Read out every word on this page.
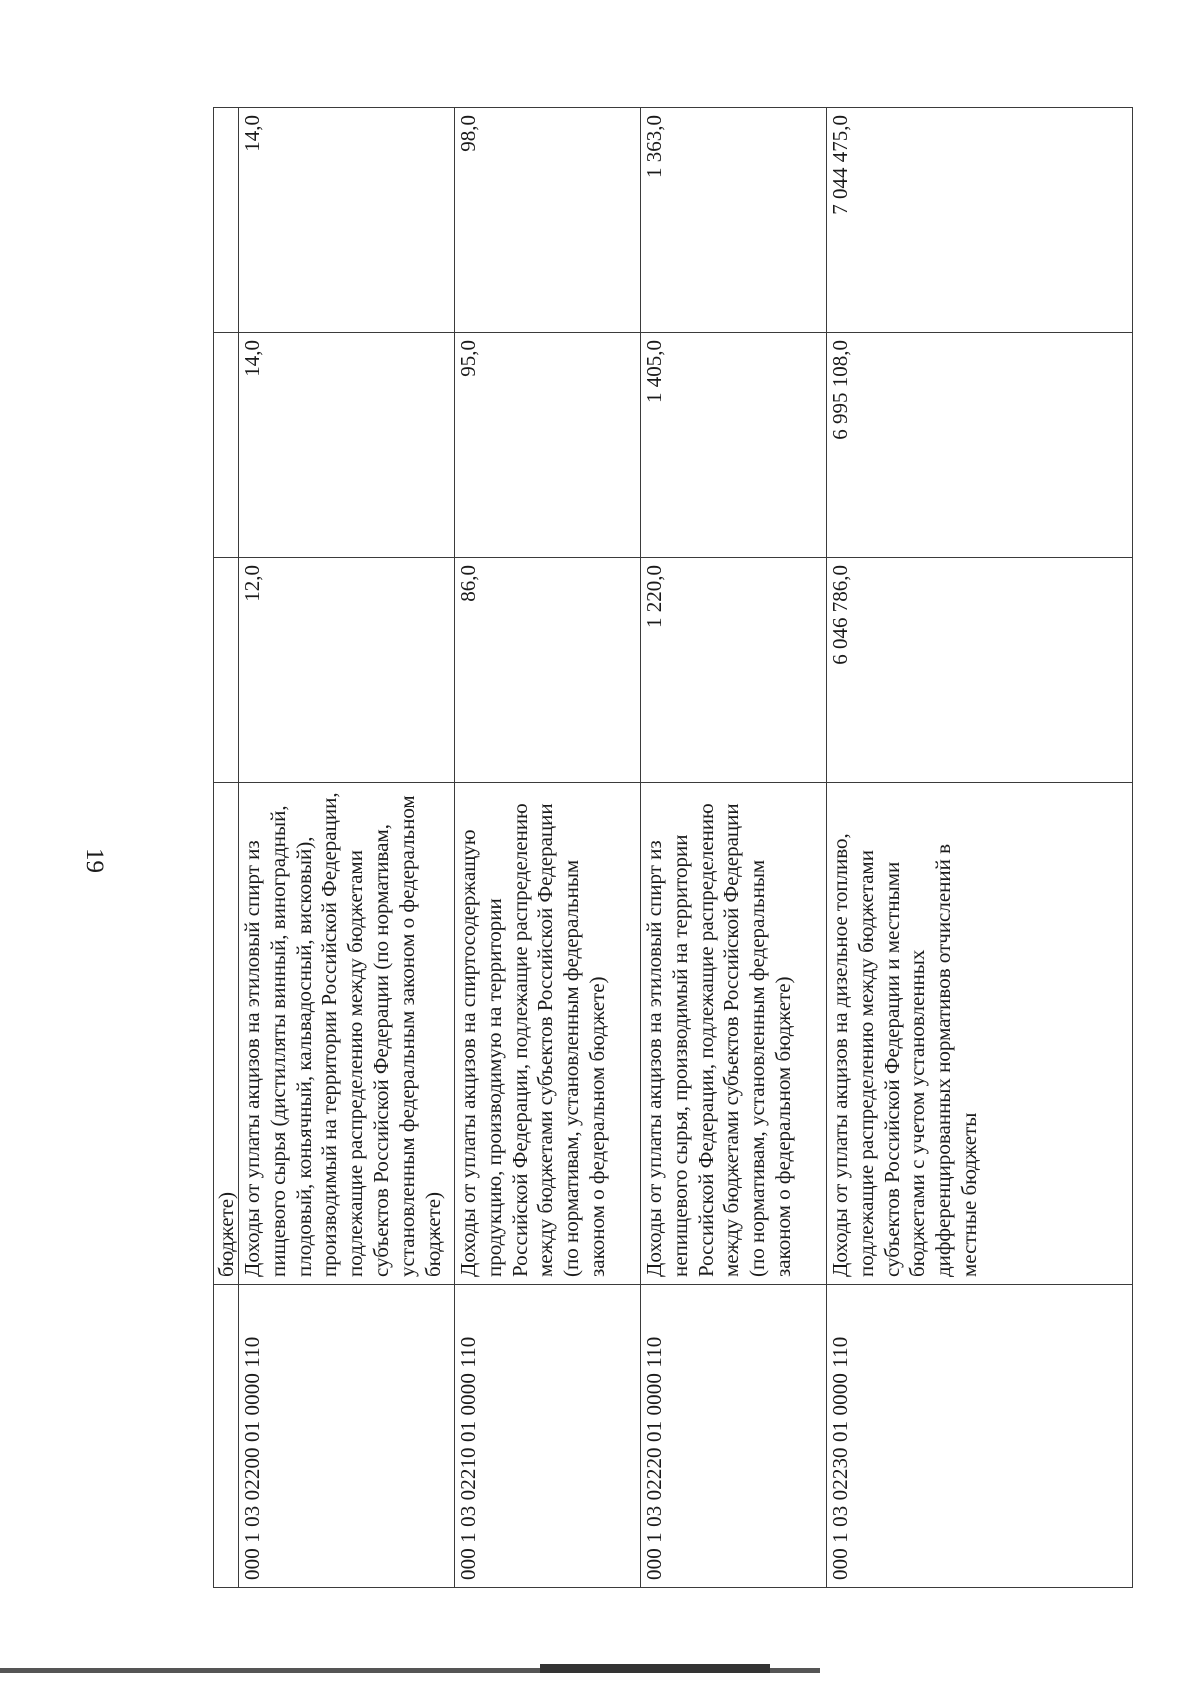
19
	бюджете)			
000 1 03 02200 01 0000 110	Доходы от уплаты акцизов на этиловый спирт из пищевого сырья (дистилляты винный, виноградный, плодовый, коньячный, кальвадосный, висковый), производимый на территории Российской Федерации, подлежащие распределению между бюджетами субъектов Российской Федерации (по нормативам, установленным федеральным законом о федеральном бюджете)	12,0	14,0	14,0
000 1 03 02210 01 0000 110	Доходы от уплаты акцизов на спиртосодержащую продукцию, производимую на территории Российской Федерации, подлежащие распределению между бюджетами субъектов Российской Федерации (по нормативам, установленным федеральным законом о федеральном бюджете)	86,0	95,0	98,0
000 1 03 02220 01 0000 110	Доходы от уплаты акцизов на этиловый спирт из непищевого сырья, производимый на территории Российской Федерации, подлежащие распределению между бюджетами субъектов Российской Федерации (по нормативам, установленным федеральным законом о федеральном бюджете)	1 220,0	1 405,0	1 363,0
000 1 03 02230 01 0000 110	Доходы от уплаты акцизов на дизельное топливо, подлежащие распределению между бюджетами субъектов Российской Федерации и местными бюджетами с учетом установленных дифференцированных нормативов отчислений в местные бюджеты	6 046 786,0	6 995 108,0	7 044 475,0
